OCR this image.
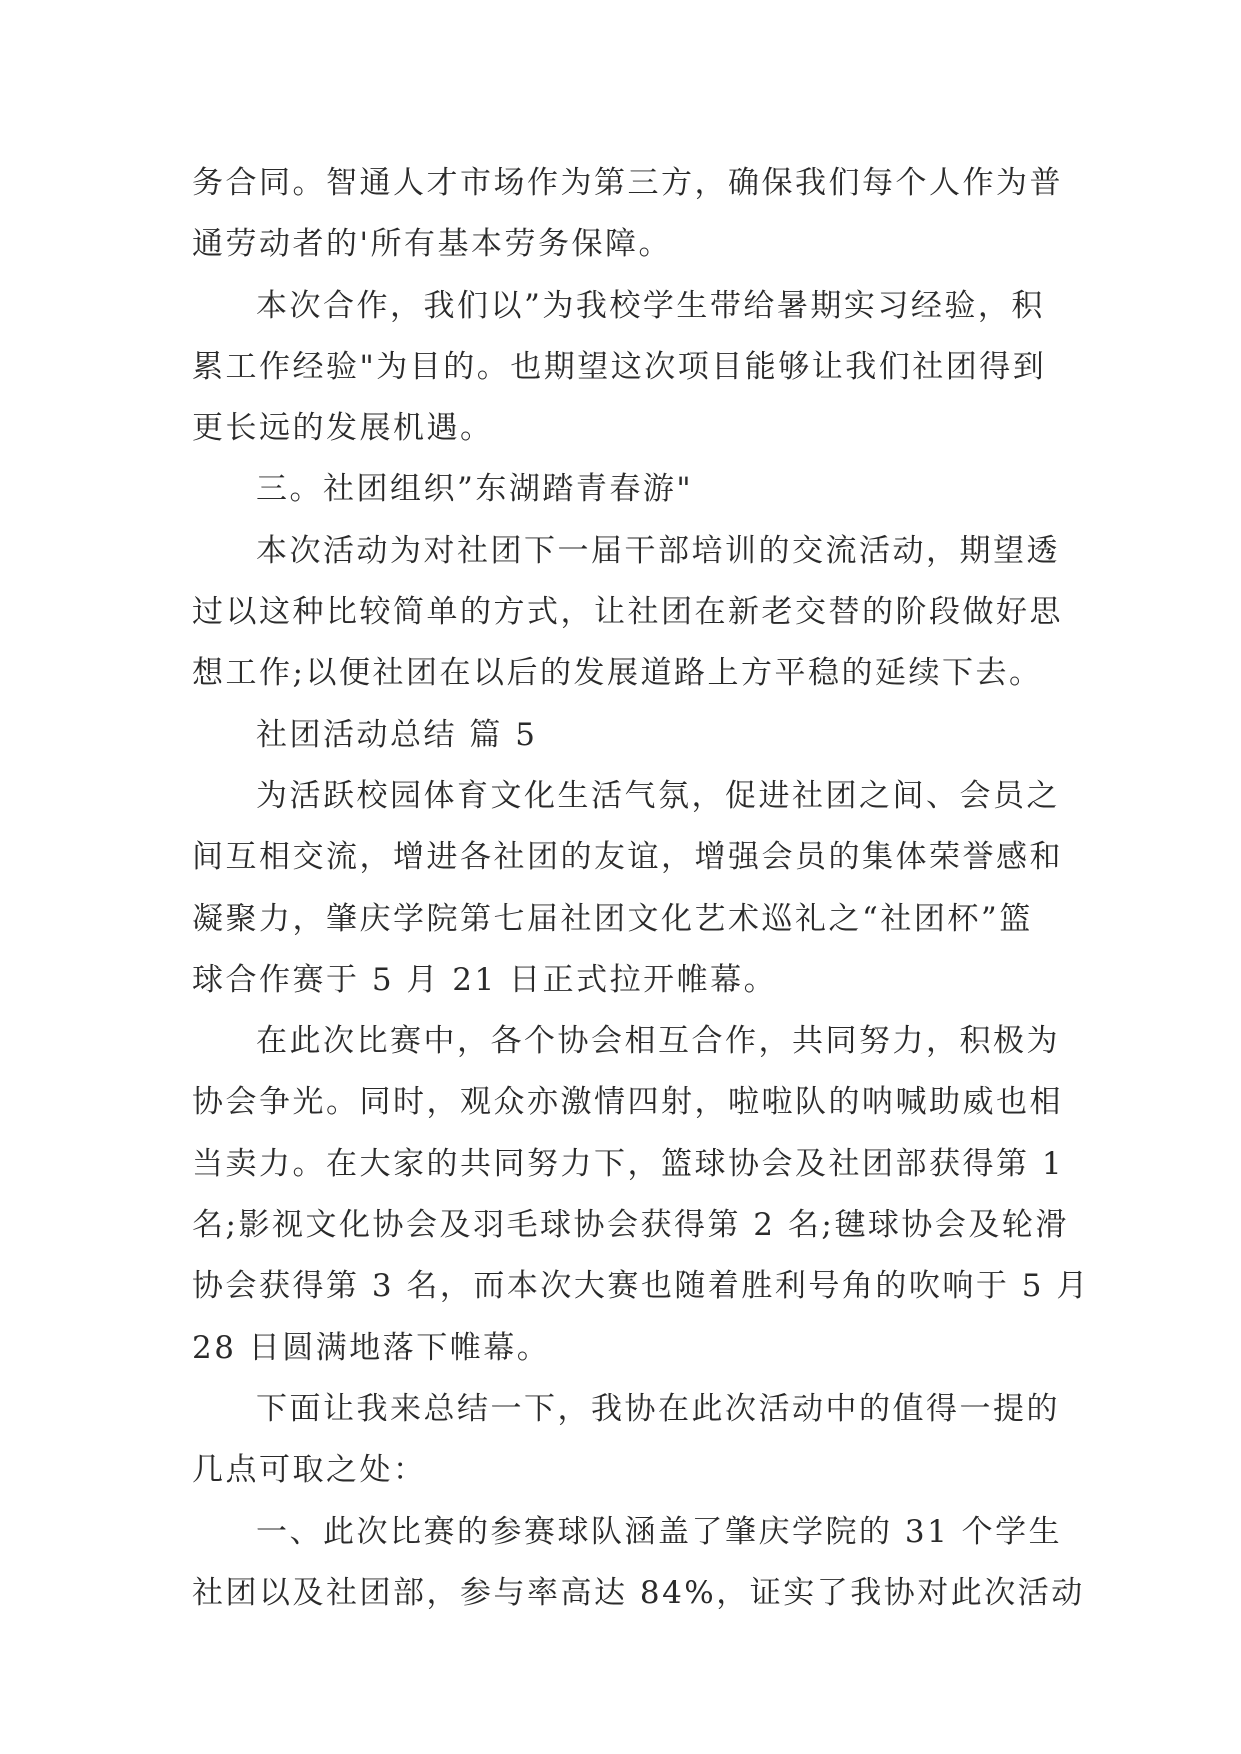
务合同。智通人才市场作为第三方，确保我们每个人作为普
通劳动者的'所有基本劳务保障。
本次合作，我们以”为我校学生带给暑期实习经验，积
累工作经验"为目的。也期望这次项目能够让我们社团得到
更长远的发展机遇。
三。社团组织”东湖踏青春游"
本次活动为对社团下一届干部培训的交流活动，期望透
过以这种比较简单的方式，让社团在新老交替的阶段做好思
想工作;以便社团在以后的发展道路上方平稳的延续下去。
社团活动总结 篇 5
为活跃校园体育文化生活气氛，促进社团之间、会员之
间互相交流，增进各社团的友谊，增强会员的集体荣誉感和
凝聚力，肇庆学院第七届社团文化艺术巡礼之“社团杯”篮
球合作赛于 5 月 21 日正式拉开帷幕。
在此次比赛中，各个协会相互合作，共同努力，积极为
协会争光。同时，观众亦激情四射，啦啦队的呐喊助威也相
当卖力。在大家的共同努力下，篮球协会及社团部获得第 1
名;影视文化协会及羽毛球协会获得第 2 名;毽球协会及轮滑
协会获得第 3 名，而本次大赛也随着胜利号角的吹响于 5 月
28 日圆满地落下帷幕。
下面让我来总结一下，我协在此次活动中的值得一提的
几点可取之处：
一、此次比赛的参赛球队涵盖了肇庆学院的 31 个学生
社团以及社团部，参与率高达 84%，证实了我协对此次活动
